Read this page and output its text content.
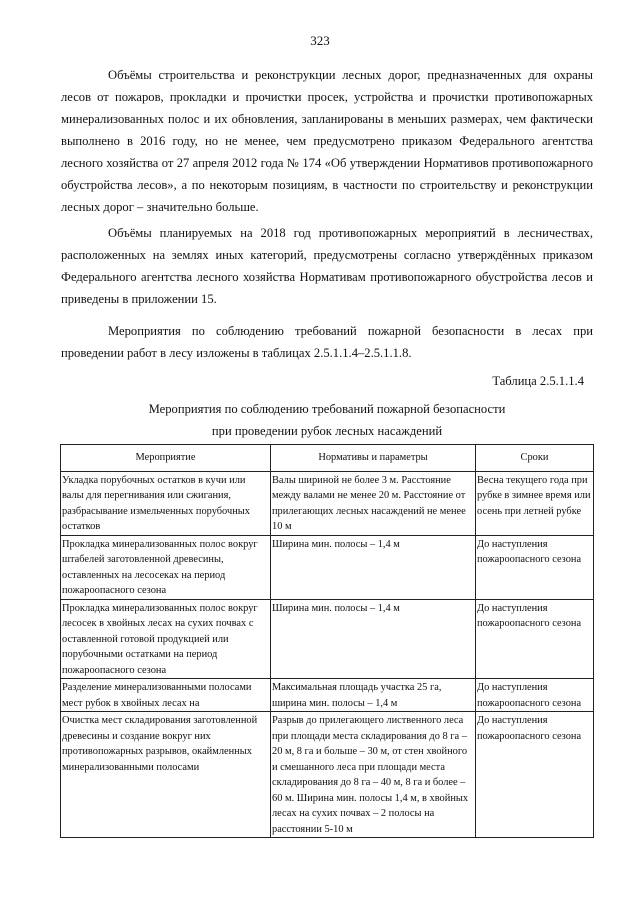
323

Объёмы строительства и реконструкции лесных дорог, предназначенных для охраны лесов от пожаров, прокладки и прочистки просек, устройства и прочистки противопожарных минерализованных полос и их обновления, запланированы в меньших размерах, чем фактически выполнено в 2016 году, но не менее, чем предусмотрено приказом Федерального агентства лесного хозяйства от 27 апреля 2012 года № 174 «Об утверждении Нормативов противопожарного обустройства лесов», а по некоторым позициям, в частности по строительству и реконструкции лесных дорог – значительно больше.

Объёмы планируемых на 2018 год противопожарных мероприятий в лесничествах, расположенных на землях иных категорий, предусмотрены согласно утверждённых приказом Федерального агентства лесного хозяйства Нормативам противопожарного обустройства лесов и приведены в приложении 15.

Мероприятия по соблюдению требований пожарной безопасности в лесах при проведении работ в лесу изложены в таблицах 2.5.1.1.4–2.5.1.1.8.

Таблица 2.5.1.1.4
Мероприятия по соблюдению требований пожарной безопасности
при проведении рубок лесных насаждений
Мероприятие	Нормативы и параметры	Сроки
Укладка порубочных остатков в кучи или валы для перегнивания или сжигания, разбрасывание измельченных порубочных остатков	Валы шириной не более 3 м. Расстояние между валами не менее 20 м. Расстояние от прилегающих лесных насаждений не менее 10 м	Весна текущего года при рубке в зимнее время или осень при летней рубке
Прокладка минерализованных полос вокруг штабелей заготовленной древесины, оставленных на лесосеках на период пожароопасного сезона	Ширина мин. полосы – 1,4 м	До наступления пожароопасного сезона
Прокладка минерализованных полос вокруг лесосек в хвойных лесах на сухих почвах с оставленной готовой продукцией или порубочными остатками на период пожароопасного сезона	Ширина мин. полосы – 1,4 м	До наступления пожароопасного сезона
Разделение минерализованными полосами мест рубок в хвойных лесах на	Максимальная площадь участка 25 га, ширина мин. полосы – 1,4 м	До наступления пожароопасного сезона
Очистка мест складирования заготовленной древесины и создание вокруг них противопожарных разрывов, окаймленных минерализованными полосами	Разрыв до прилегающего лиственного леса при площади места складирования до 8 га – 20 м, 8 га и больше – 30 м, от стен хвойного и смешанного леса при площади места складирования до 8 га – 40 м, 8 га и более – 60 м. Ширина мин. полосы 1,4 м, в хвойных лесах на сухих почвах – 2 полосы на расстоянии 5-10 м	До наступления пожароопасного сезона
